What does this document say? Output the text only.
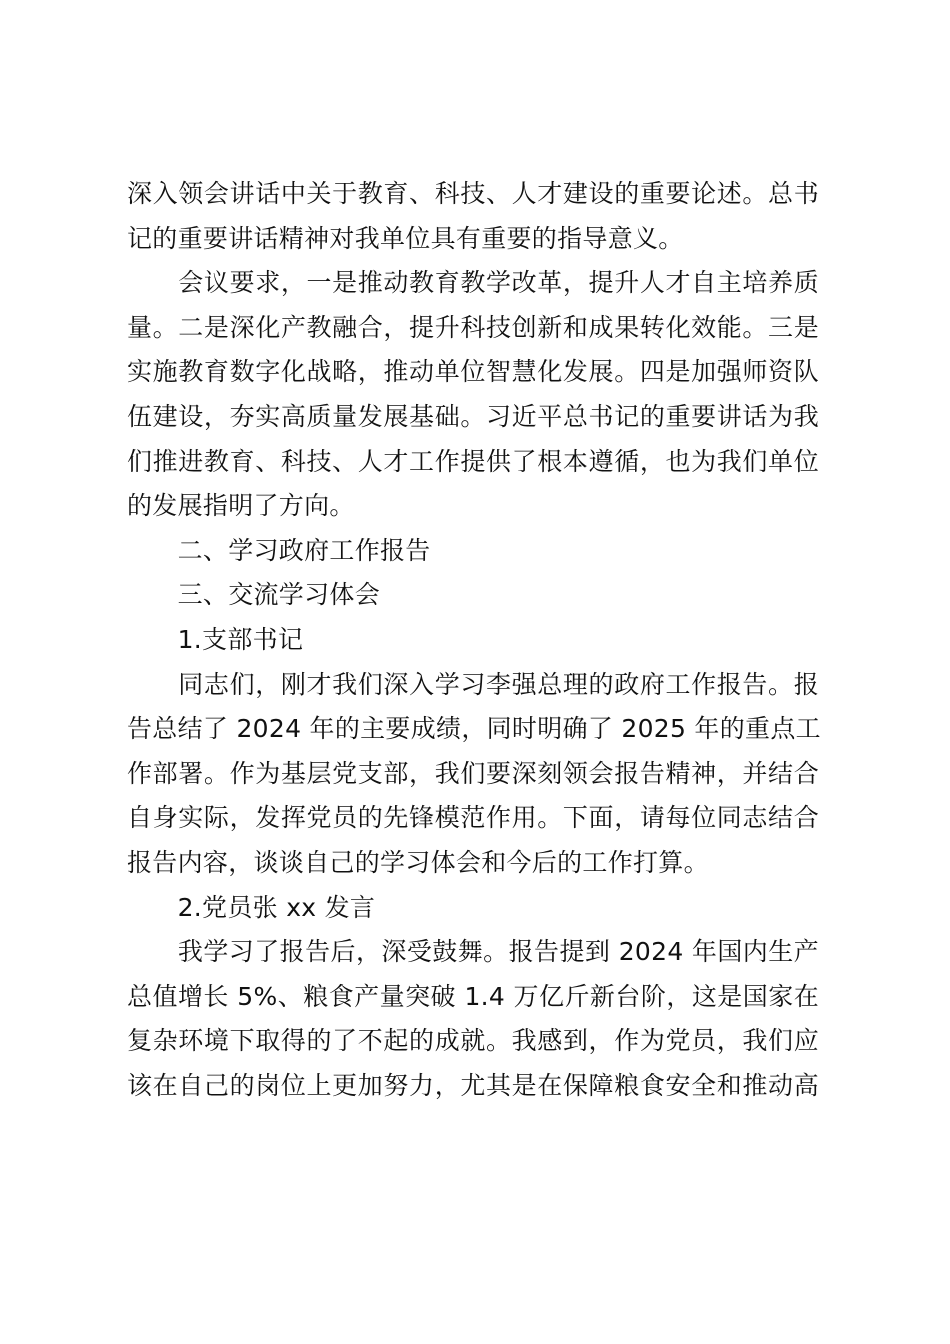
深入领会讲话中关于教育、科技、人才建设的重要论述。总书
记的重要讲话精神对我单位具有重要的指导意义。
　　会议要求，一是推动教育教学改革，提升人才自主培养质
量。二是深化产教融合，提升科技创新和成果转化效能。三是
实施教育数字化战略，推动单位智慧化发展。四是加强师资队
伍建设，夯实高质量发展基础。习近平总书记的重要讲话为我
们推进教育、科技、人才工作提供了根本遵循，也为我们单位
的发展指明了方向。
　　二、学习政府工作报告
　　三、交流学习体会
　　1.支部书记
　　同志们，刚才我们深入学习李强总理的政府工作报告。报
告总结了 2024 年的主要成绩，同时明确了 2025 年的重点工
作部署。作为基层党支部，我们要深刻领会报告精神，并结合
自身实际，发挥党员的先锋模范作用。下面，请每位同志结合
报告内容，谈谈自己的学习体会和今后的工作打算。
　　2.党员张 xx 发言
　　我学习了报告后，深受鼓舞。报告提到 2024 年国内生产
总值增长 5%、粮食产量突破 1.4 万亿斤新台阶，这是国家在
复杂环境下取得的了不起的成就。我感到，作为党员，我们应
该在自己的岗位上更加努力，尤其是在保障粮食安全和推动高
